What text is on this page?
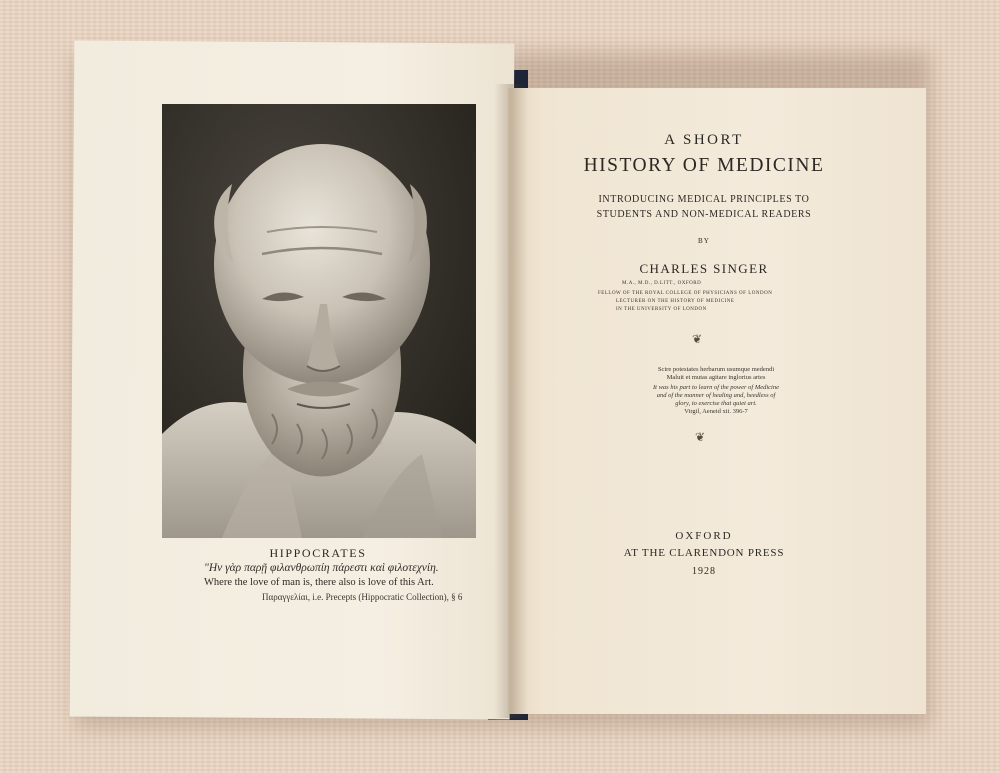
HIPPOCRATES
"Ην γὰρ παρῇ φιλανθρωπίη πάρεστι καὶ φιλοτεχνίη.
Where the love of man is, there also is love of this Art.
Παραγγελίαι, i.e. Precepts (Hippocratic Collection), § 6
A SHORT
HISTORY OF MEDICINE
INTRODUCING MEDICAL PRINCIPLES TO
STUDENTS AND NON-MEDICAL READERS
BY
CHARLES SINGER
M.A., M.D., D.LITT., OXFORD
FELLOW OF THE ROYAL COLLEGE OF PHYSICIANS OF LONDON
LECTURER ON THE HISTORY OF MEDICINE
IN THE UNIVERSITY OF LONDON
❦
Scire potestates herbarum usumque medendi
Maluit et mutas agitare inglorius artes
It was his part to learn of the power of Medicine
and of the manner of healing and, heedless of
glory, to exercise that quiet art.
Virgil, Aeneid xii. 396-7
❦
OXFORD
AT THE CLARENDON PRESS
1928
